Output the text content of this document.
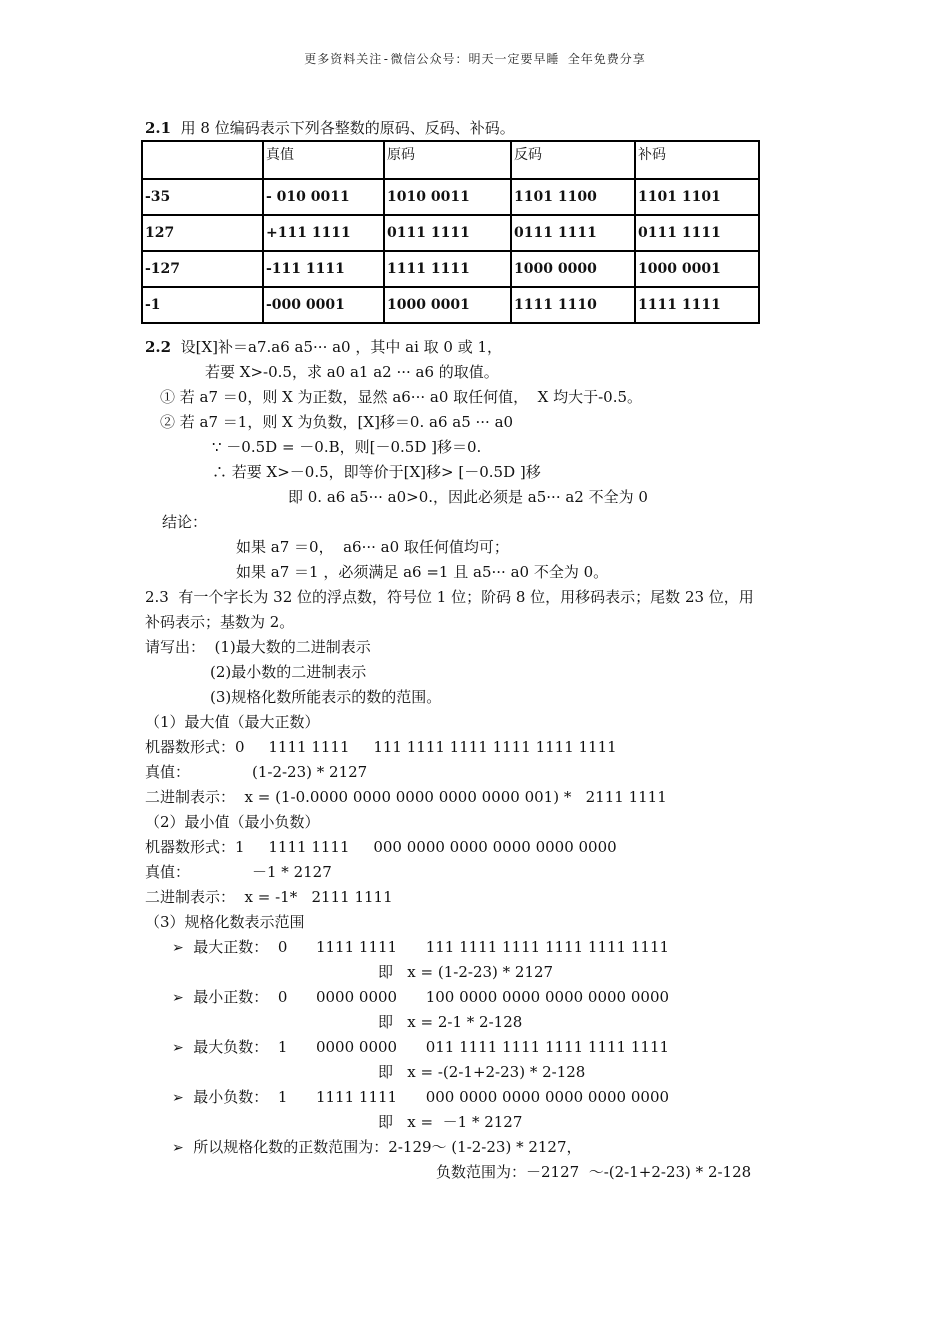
更多资料关注-微信公众号：明天一定要早睡 全年免费分享
2.1 用 8 位编码表示下列各整数的原码、反码、补码。
	真值	原码	反码	补码
-35	- 010 0011	1010 0011	1101 1100	1101 1101
127	+111 1111	0111 1111	0111 1111	0111 1111
-127	-111 1111	1111 1111	1000 0000	1000 0001
-1	-000 0001	1000 0001	1111 1110	1111 1111
2.2 设[X]补＝a7.a6 a5··· a0 ，其中 ai 取 0 或 1，
若要 X>-0.5，求 a0 a1 a2 ··· a6 的取值。
① 若 a7 ＝0，则 X 为正数，显然 a6··· a0 取任何值，  X 均大于-0.5。
② 若 a7 ＝1，则 X 为负数，[X]移＝0. a6 a5 ··· a0
∵ －0.5D = －0.B，则[－0.5D ]移＝0.
∴ 若要 X>－0.5，即等价于[X]移> [－0.5D ]移
即 0. a6 a5··· a0>0.，因此必须是 a5··· a2 不全为 0
结论：
如果 a7 ＝0，  a6··· a0 取任何值均可；
如果 a7 ＝1 ，必须满足 a6 =1 且 a5··· a0 不全为 0。
2.3  有一个字长为 32 位的浮点数，符号位 1 位；阶码 8 位，用移码表示；尾数 23 位，用
补码表示；基数为 2。
请写出：  (1)最大数的二进制表示
(2)最小数的二进制表示
(3)规格化数所能表示的数的范围。
（1）最大值（最大正数）
机器数形式：0     1111 1111     111 1111 1111 1111 1111 1111
真值：             (1-2-23) * 2127
二进制表示：  x = (1-0.0000 0000 0000 0000 0000 001) *   2111 1111
（2）最小值（最小负数）
机器数形式：1     1111 1111     000 0000 0000 0000 0000 0000
真值：             －1 * 2127
二进制表示：  x = -1*   2111 1111
（3）规格化数表示范围
➢ 最大正数：  0      1111 1111      111 1111 1111 1111 1111 1111
即   x = (1-2-23) * 2127
➢ 最小正数：  0      0000 0000      100 0000 0000 0000 0000 0000
即   x = 2-1 * 2-128
➢ 最大负数：  1      0000 0000      011 1111 1111 1111 1111 1111
即   x = -(2-1+2-23) * 2-128
➢ 最小负数：  1      1111 1111      000 0000 0000 0000 0000 0000
即   x =  －1 * 2127
➢ 所以规格化数的正数范围为：2-129～ (1-2-23) * 2127，
负数范围为：－2127  ～-(2-1+2-23) * 2-128
